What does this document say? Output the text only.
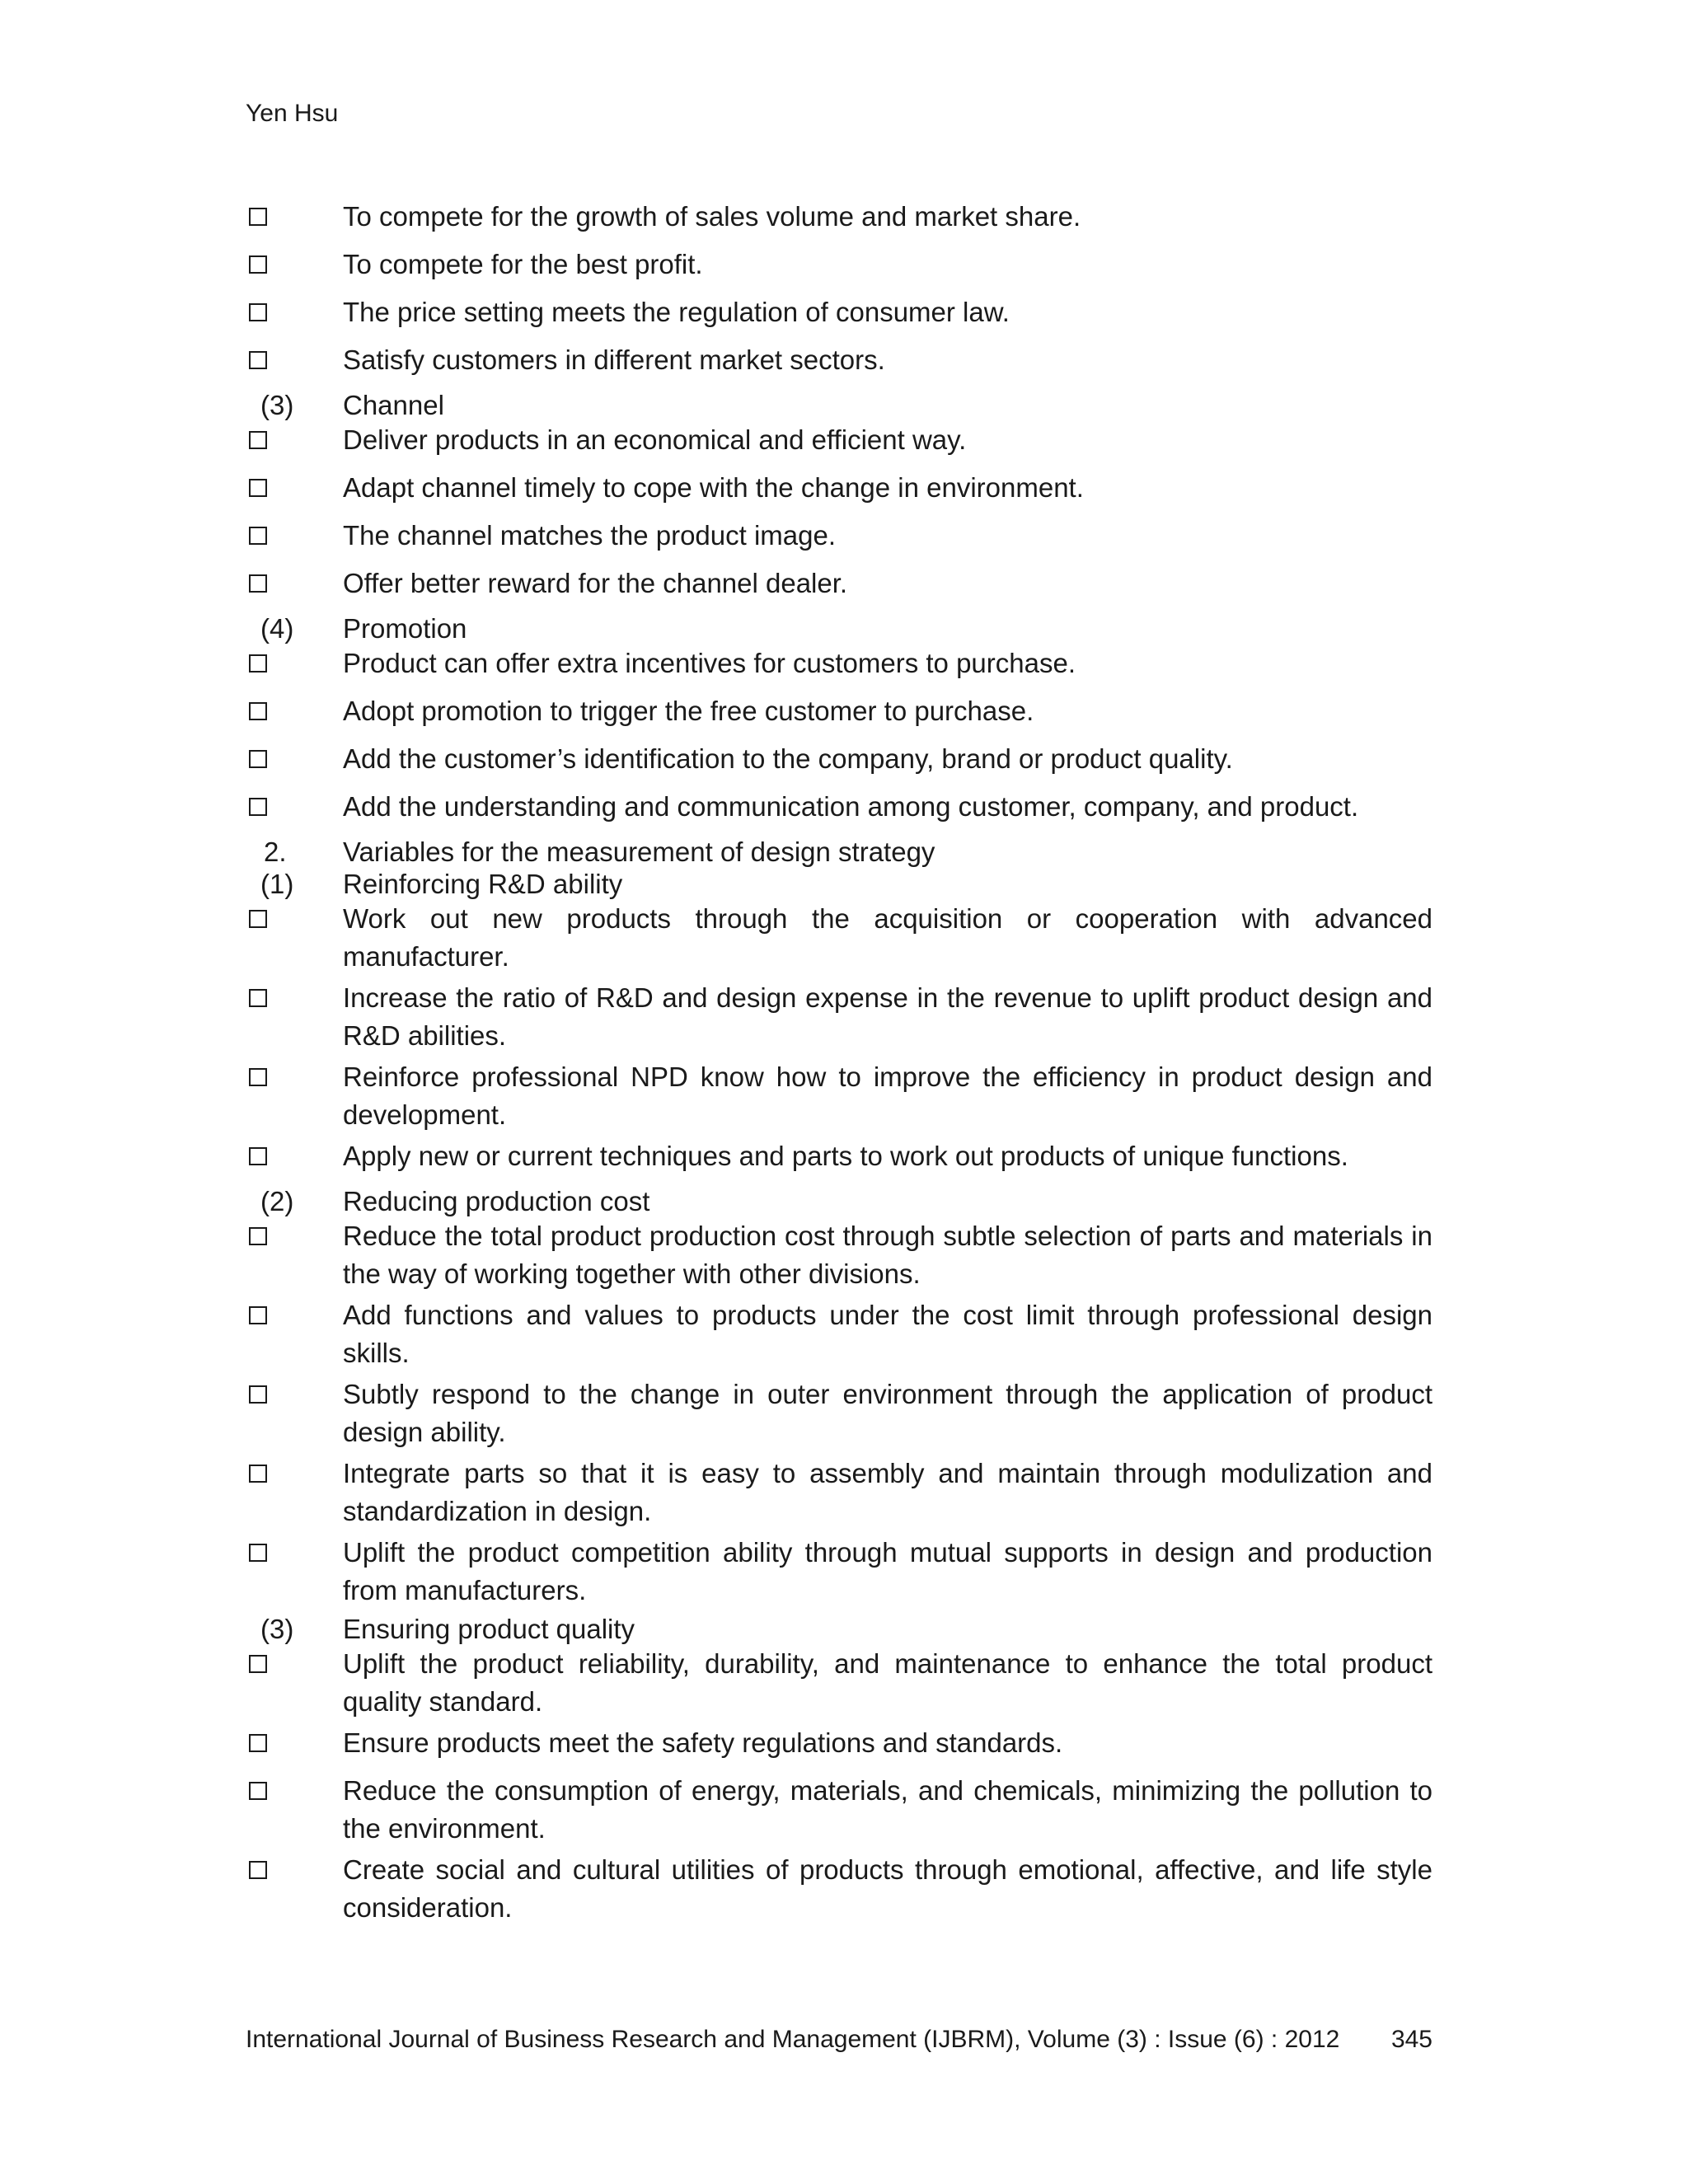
Yen Hsu
To compete for the growth of sales volume and market share.
To compete for the best profit.
The price setting meets the regulation of consumer law.
Satisfy customers in different market sectors.
(3)	Channel
Deliver products in an economical and efficient way.
Adapt channel timely to cope with the change in environment.
The channel matches the product image.
Offer better reward for the channel dealer.
(4)	Promotion
Product can offer extra incentives for customers to purchase.
Adopt promotion to trigger the free customer to purchase.
Add the customer’s identification to the company, brand or product quality.
Add the understanding and communication among customer, company, and product.
2.	Variables for the measurement of design strategy
(1)	Reinforcing R&D ability
Work out new products through the acquisition or cooperation with advanced manufacturer.
Increase the ratio of R&D and design expense in the revenue to uplift product design and R&D abilities.
Reinforce professional NPD know how to improve the efficiency in product design and development.
Apply new or current techniques and parts to work out products of unique functions.
(2)	Reducing production cost
Reduce the total product production cost through subtle selection of parts and materials in the way of working together with other divisions.
Add functions and values to products under the cost limit through professional design skills.
Subtly respond to the change in outer environment through the application of product design ability.
Integrate parts so that it is easy to assembly and maintain through modulization and standardization in design.
Uplift the product competition ability through mutual supports in design and production from manufacturers.
(3)	Ensuring product quality
Uplift the product reliability, durability, and maintenance to enhance the total product quality standard.
Ensure products meet the safety regulations and standards.
Reduce the consumption of energy, materials, and chemicals, minimizing the pollution to the environment.
Create social and cultural utilities of products through emotional, affective, and life style consideration.
International Journal of Business Research and Management (IJBRM), Volume (3) : Issue (6) : 2012 345
